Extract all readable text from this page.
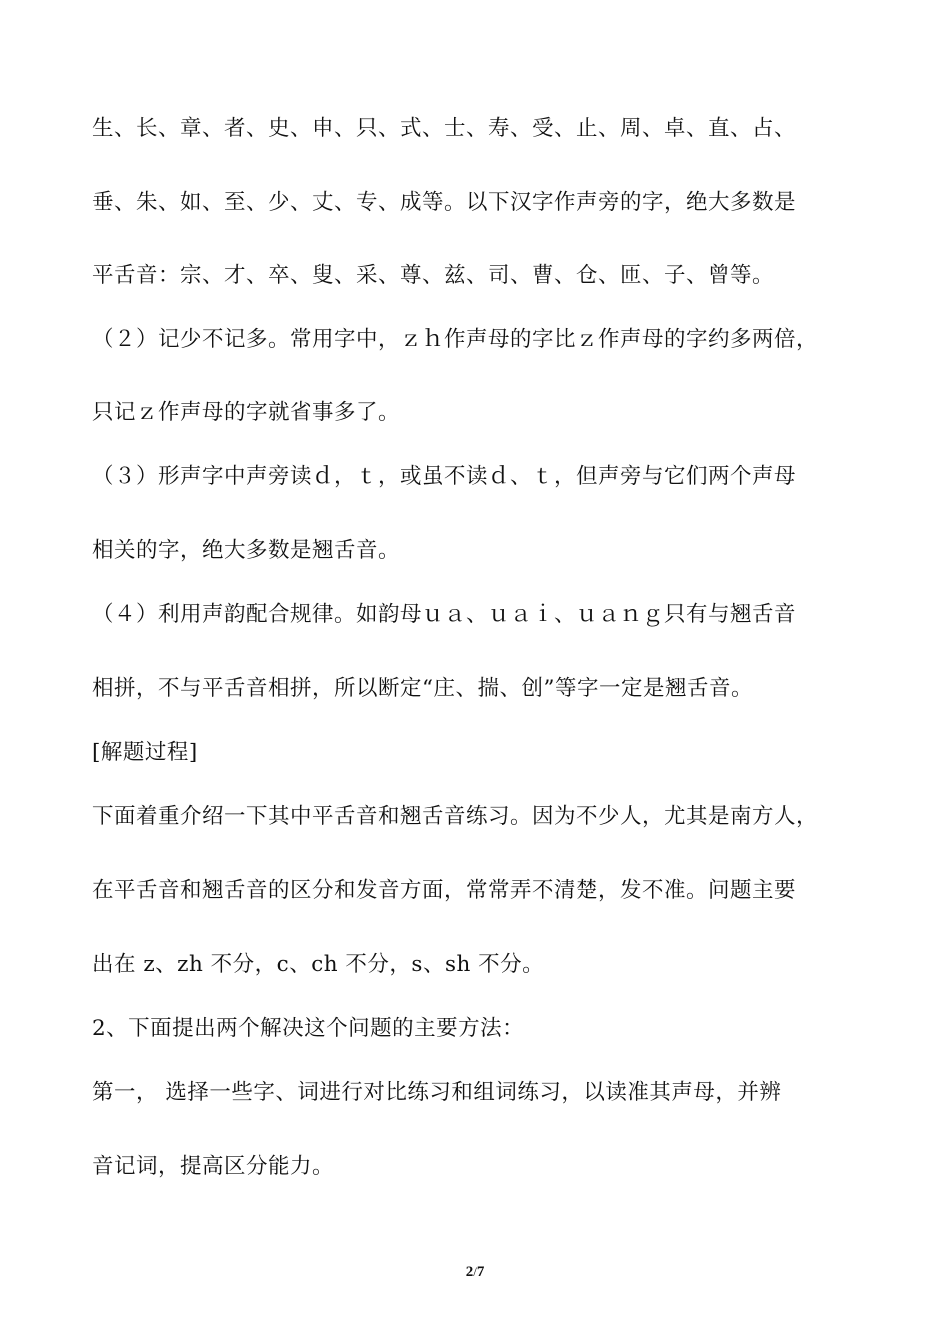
生、长、章、者、史、申、只、式、士、寿、受、止、周、卓、直、占、
垂、朱、如、至、少、丈、专、成等。以下汉字作声旁的字，绝大多数是
平舌音：宗、才、卒、叟、采、尊、兹、司、曹、仓、匝、子、曾等。
（２）记少不记多。常用字中，ｚｈ作声母的字比ｚ作声母的字约多两倍，
只记ｚ作声母的字就省事多了。
（３）形声字中声旁读ｄ，ｔ，或虽不读ｄ、ｔ，但声旁与它们两个声母
相关的字，绝大多数是翘舌音。
（４）利用声韵配合规律。如韵母ｕａ、ｕａｉ、ｕａｎｇ只有与翘舌音
相拼，不与平舌音相拼，所以断定“庄、揣、创”等字一定是翘舌音。
[解题过程]
下面着重介绍一下其中平舌音和翘舌音练习。因为不少人，尤其是南方人，
在平舌音和翘舌音的区分和发音方面，常常弄不清楚，发不准。问题主要
出在 z、zh 不分，c、ch 不分，s、sh 不分。
2、下面提出两个解决这个问题的主要方法：
第一， 选择一些字、词进行对比练习和组词练习，以读准其声母，并辨
音记词，提高区分能力。
2/7
